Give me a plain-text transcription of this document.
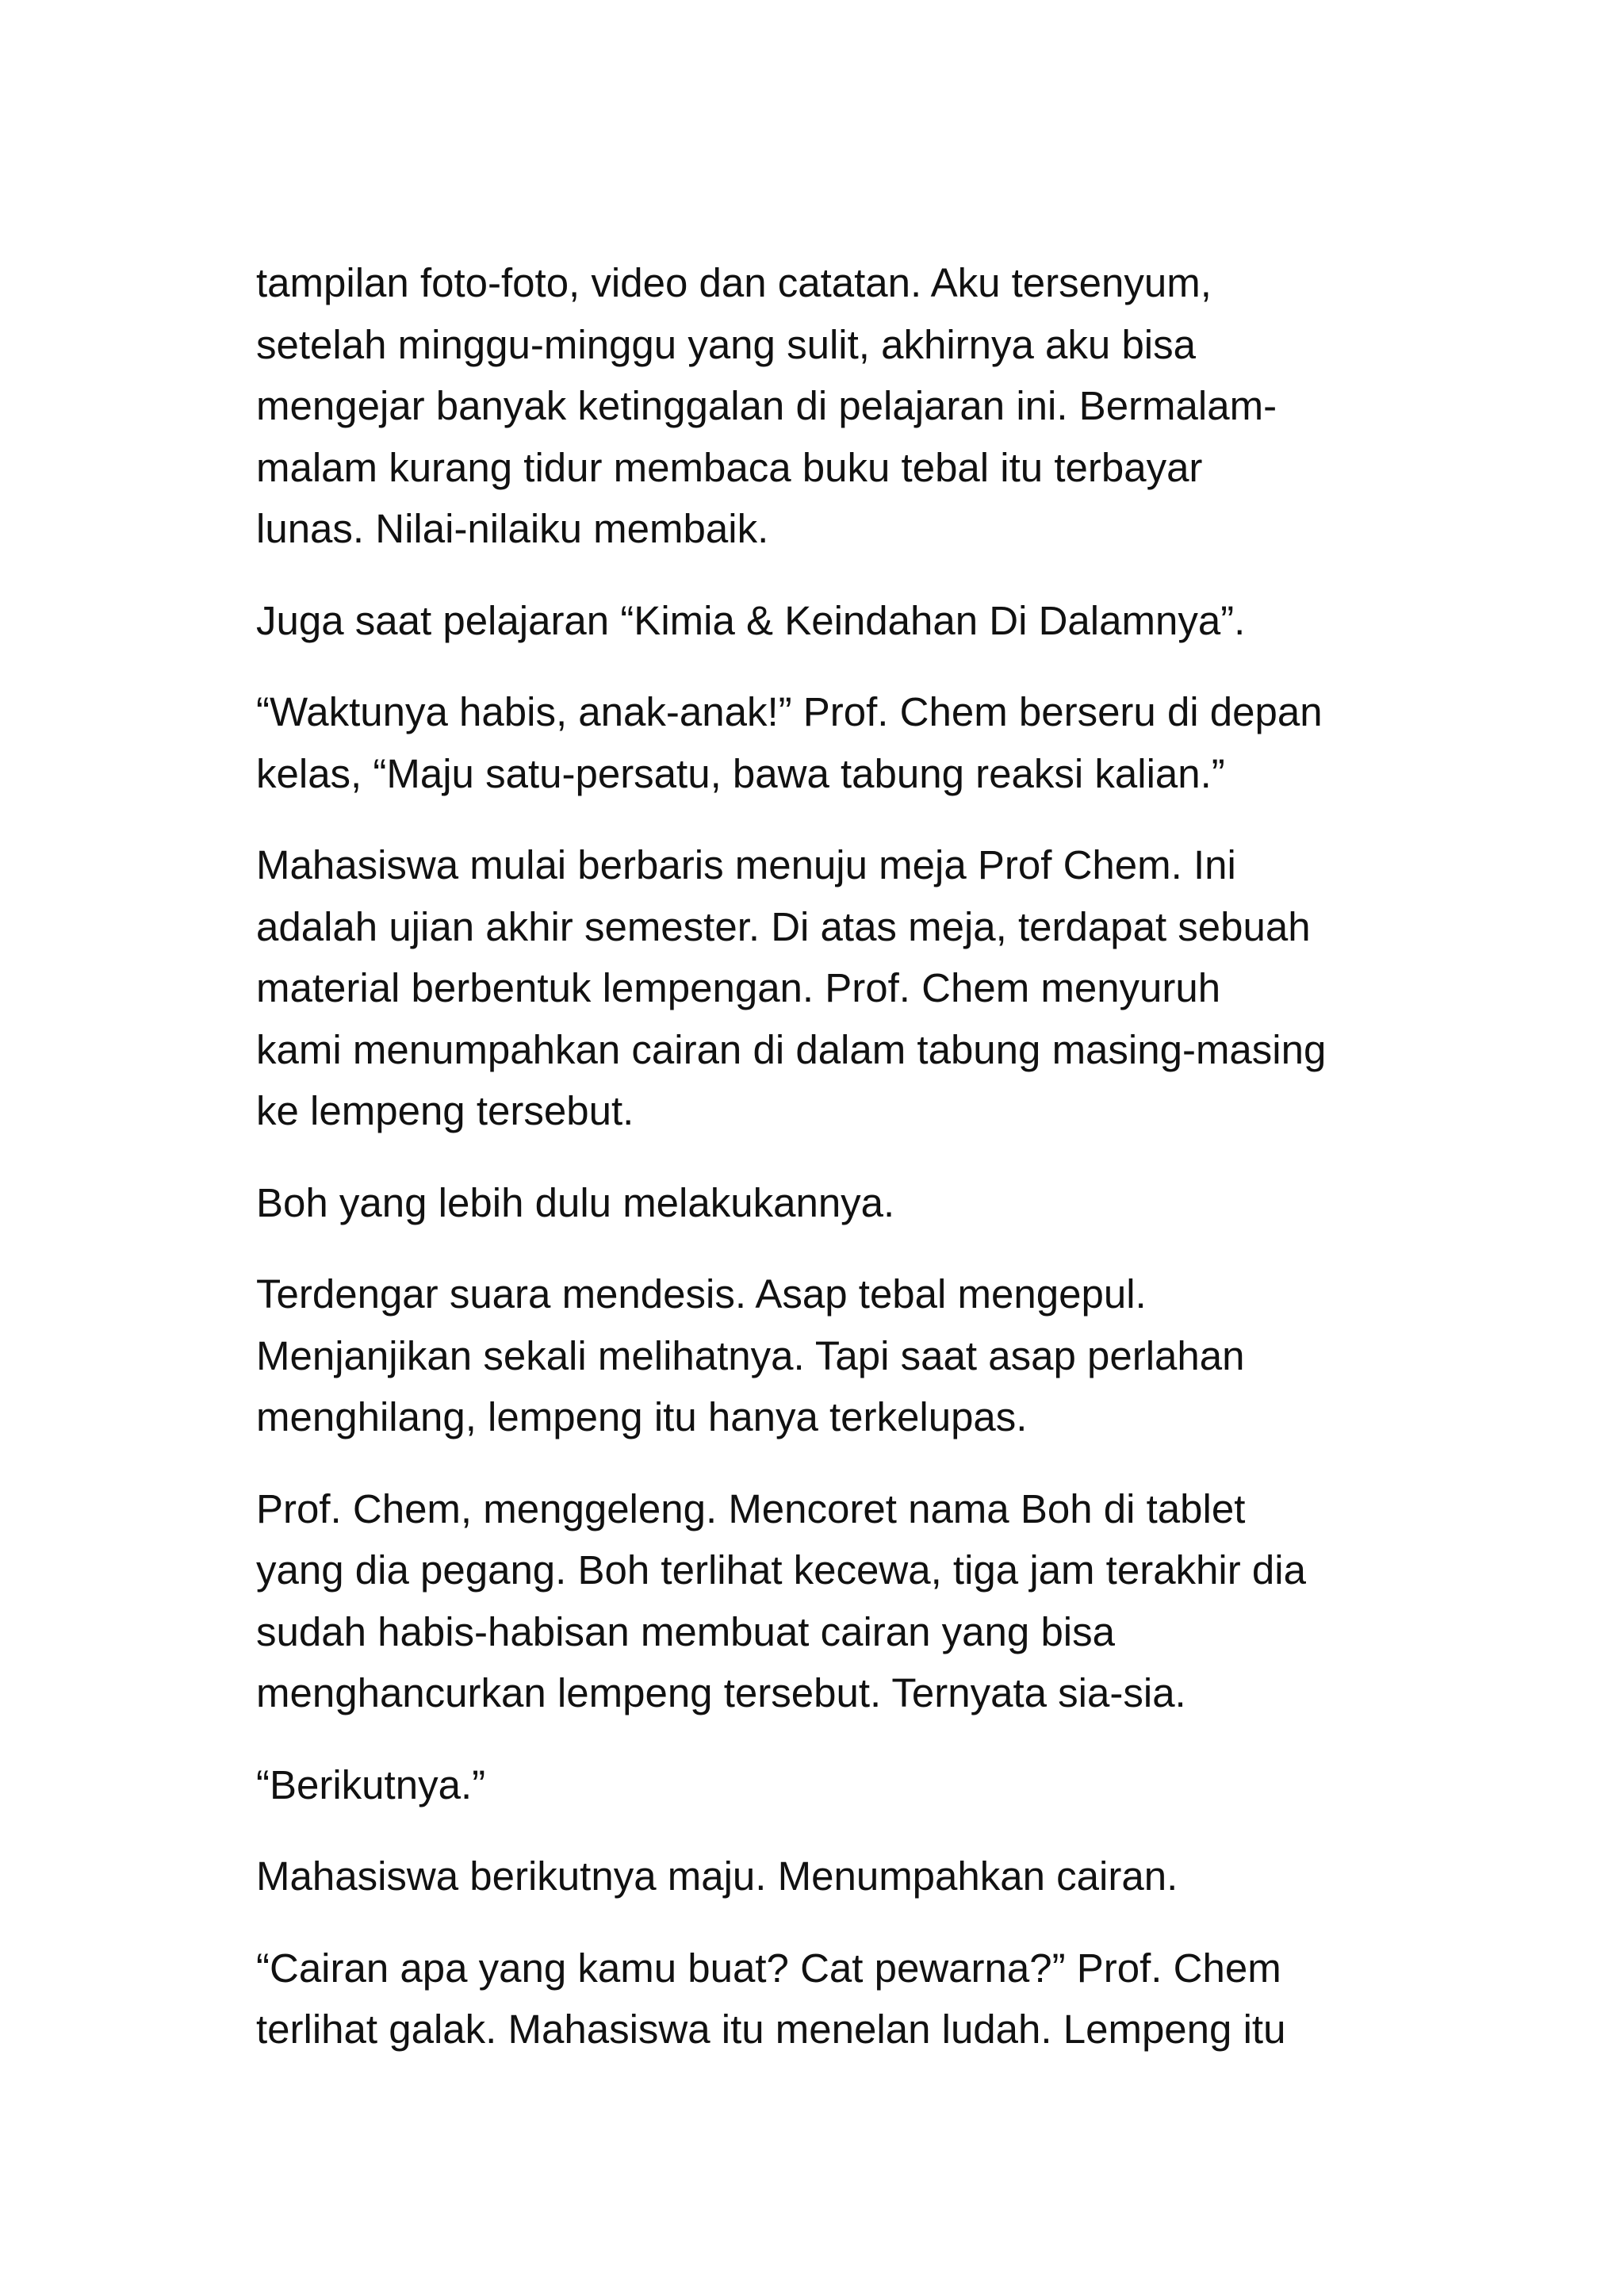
tampilan foto-foto, video dan catatan. Aku tersenyum,
setelah minggu-minggu yang sulit, akhirnya aku bisa
mengejar banyak ketinggalan di pelajaran ini. Bermalam-
malam kurang tidur membaca buku tebal itu terbayar
lunas. Nilai-nilaiku membaik.

Juga saat pelajaran “Kimia & Keindahan Di Dalamnya”.

“Waktunya habis, anak-anak!” Prof. Chem berseru di depan
kelas, “Maju satu-persatu, bawa tabung reaksi kalian.”

Mahasiswa mulai berbaris menuju meja Prof Chem. Ini
adalah ujian akhir semester. Di atas meja, terdapat sebuah
material berbentuk lempengan. Prof. Chem menyuruh
kami menumpahkan cairan di dalam tabung masing-masing
ke lempeng tersebut.

Boh yang lebih dulu melakukannya.

Terdengar suara mendesis. Asap tebal mengepul.
Menjanjikan sekali melihatnya. Tapi saat asap perlahan
menghilang, lempeng itu hanya terkelupas.

Prof. Chem, menggeleng. Mencoret nama Boh di tablet
yang dia pegang. Boh terlihat kecewa, tiga jam terakhir dia
sudah habis-habisan membuat cairan yang bisa
menghancurkan lempeng tersebut. Ternyata sia-sia.

“Berikutnya.”

Mahasiswa berikutnya maju. Menumpahkan cairan.

“Cairan apa yang kamu buat? Cat pewarna?” Prof. Chem
terlihat galak. Mahasiswa itu menelan ludah. Lempeng itu
